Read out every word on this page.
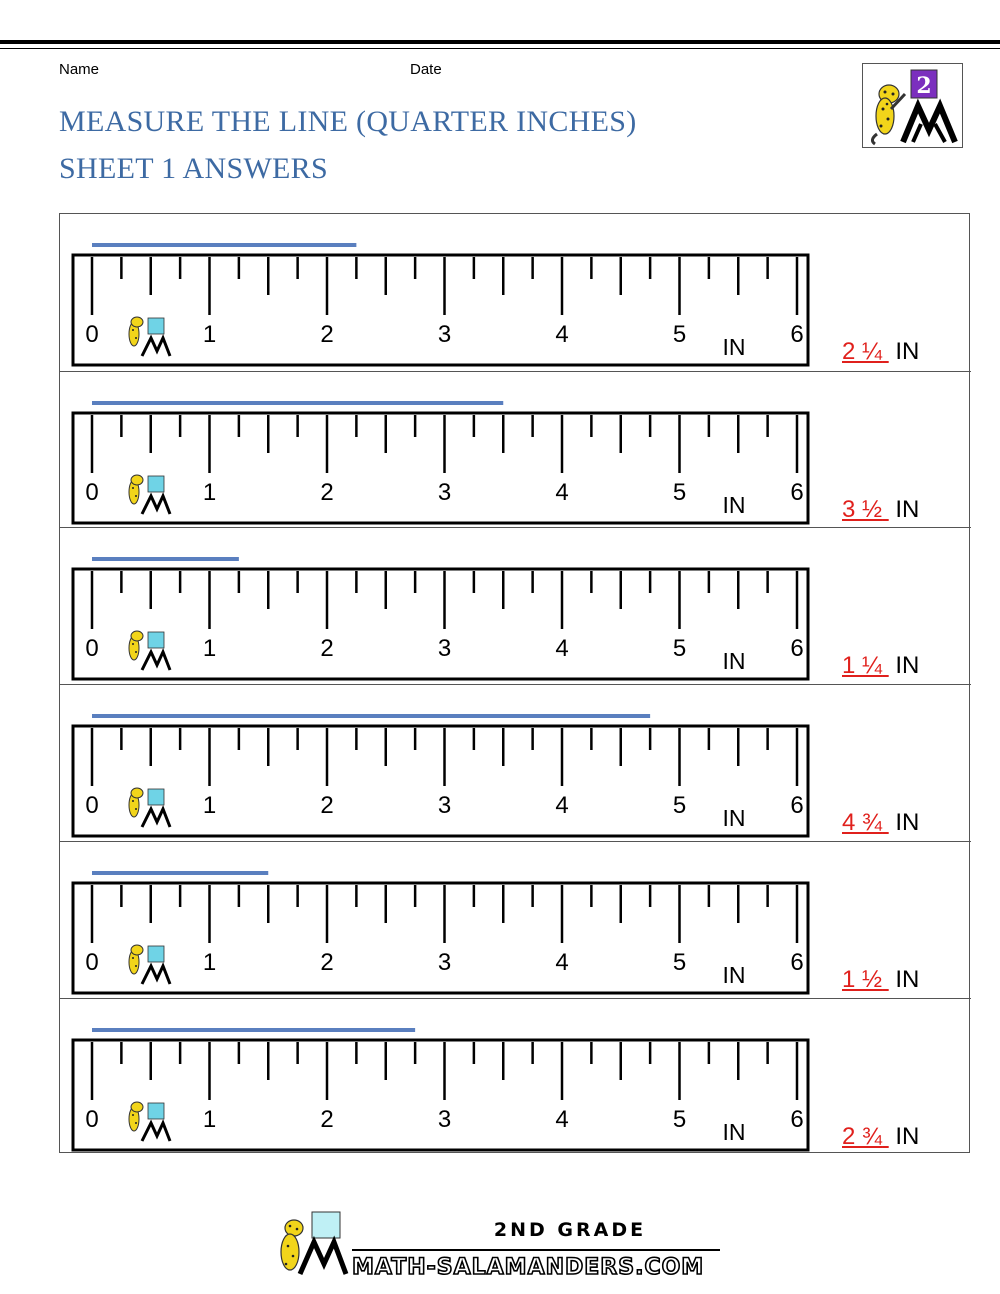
Name	Date
MEASURE THE LINE (QUARTER INCHES)
SHEET 1 ANSWERS
2
0	1	2	3	4	5	6
IN	2 ¼ IN
0	1	2	3	4	5	6
IN	3 ½ IN
0	1	2	3	4	5	6
IN	1 ¼ IN
0	1	2	3	4	5	6
IN	4 ¾ IN
0	1	2	3	4	5	6
IN	1 ½ IN
0	1	2	3	4	5	6
IN	2 ¾ IN
2ND GRADE
MATH-SALAMANDERS.COM
